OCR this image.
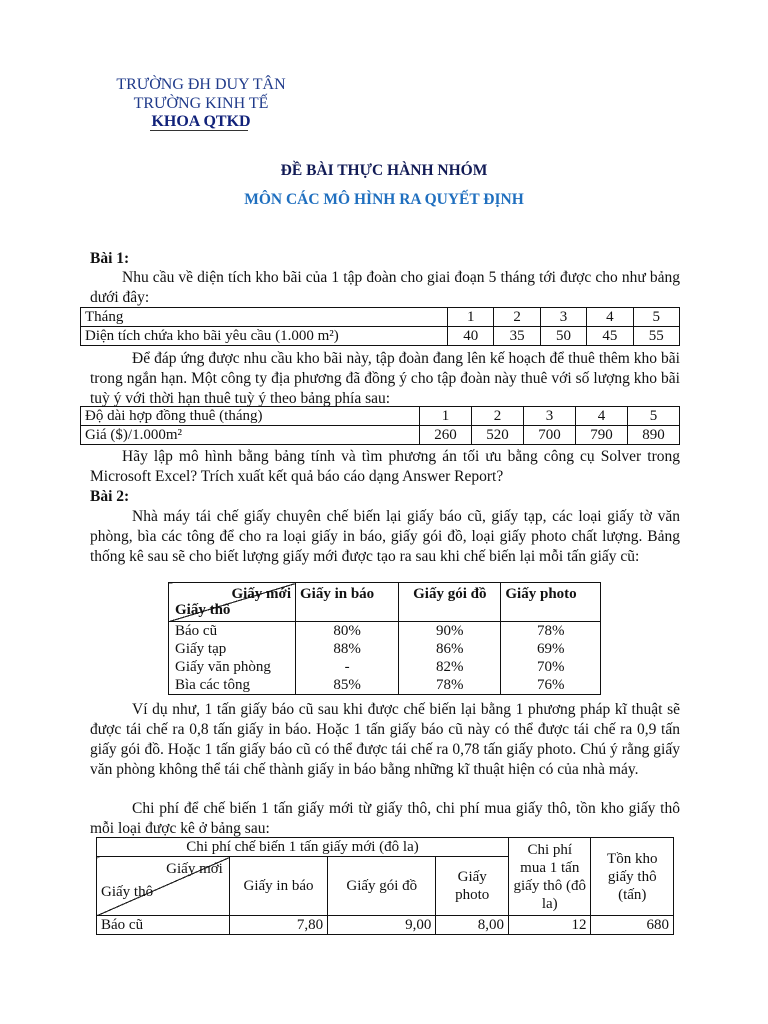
TRƯỜNG ĐH DUY TÂN
TRƯỜNG KINH TẾ
KHOA QTKD
ĐỀ BÀI THỰC HÀNH NHÓM
MÔN CÁC MÔ HÌNH RA QUYẾT ĐỊNH
Bài 1:
Nhu cầu về diện tích kho bãi của 1 tập đoàn cho giai đoạn 5 tháng tới được cho như bảng dưới đây:
Tháng	1	2	3	4	5
Diện tích chứa kho bãi yêu cầu (1.000 m²)	40	35	50	45	55
Để đáp ứng được nhu cầu kho bãi này, tập đoàn đang lên kế hoạch để thuê thêm kho bãi trong ngắn hạn. Một công ty địa phương đã đồng ý cho tập đoàn này thuê với số lượng kho bãi tuỳ ý với thời hạn thuê tuỳ ý theo bảng phía sau:
Độ dài hợp đồng thuê (tháng)	1	2	3	4	5
Giá ($)/1.000m²	260	520	700	790	890
Hãy lập mô hình bằng bảng tính và tìm phương án tối ưu bằng công cụ Solver trong Microsoft Excel? Trích xuất kết quả báo cáo dạng Answer Report?
Bài 2:
Nhà máy tái chế giấy chuyên chế biến lại giấy báo cũ, giấy tạp, các loại giấy tờ văn phòng, bìa các tông để cho ra loại giấy in báo, giấy gói đồ, loại giấy photo chất lượng. Bảng thống kê sau sẽ cho biết lượng giấy mới được tạo ra sau khi chế biến lại mỗi tấn giấy cũ:
Giấy mới
Giấy thô	Giấy in báo	Giấy gói đồ	Giấy photo
Báo cũ	80%	90%	78%
Giấy tạp	88%	86%	69%
Giấy văn phòng	-	82%	70%
Bìa các tông	85%	78%	76%
Ví dụ như, 1 tấn giấy báo cũ sau khi được chế biến lại bằng 1 phương pháp kĩ thuật sẽ được tái chế ra 0,8 tấn giấy in báo. Hoặc 1 tấn giấy báo cũ này có thể được tái chế ra 0,9 tấn giấy gói đồ. Hoặc 1 tấn giấy báo cũ có thể được tái chế ra 0,78 tấn giấy photo. Chú ý rằng giấy văn phòng không thể tái chế thành giấy in báo bằng những kĩ thuật hiện có của nhà máy.
Chi phí để chế biến 1 tấn giấy mới từ giấy thô, chi phí mua giấy thô, tồn kho giấy thô mỗi loại được kê ở bảng sau:
Chi phí chế biến 1 tấn giấy mới (đô la)				Chi phí mua 1 tấn giấy thô (đô la)	Tồn kho giấy thô (tấn)

Giấy mới
Giấy thô	Giấy in báo	Giấy gói đồ	Giấy photo		
Báo cũ	7,80	9,00	8,00	12	680
